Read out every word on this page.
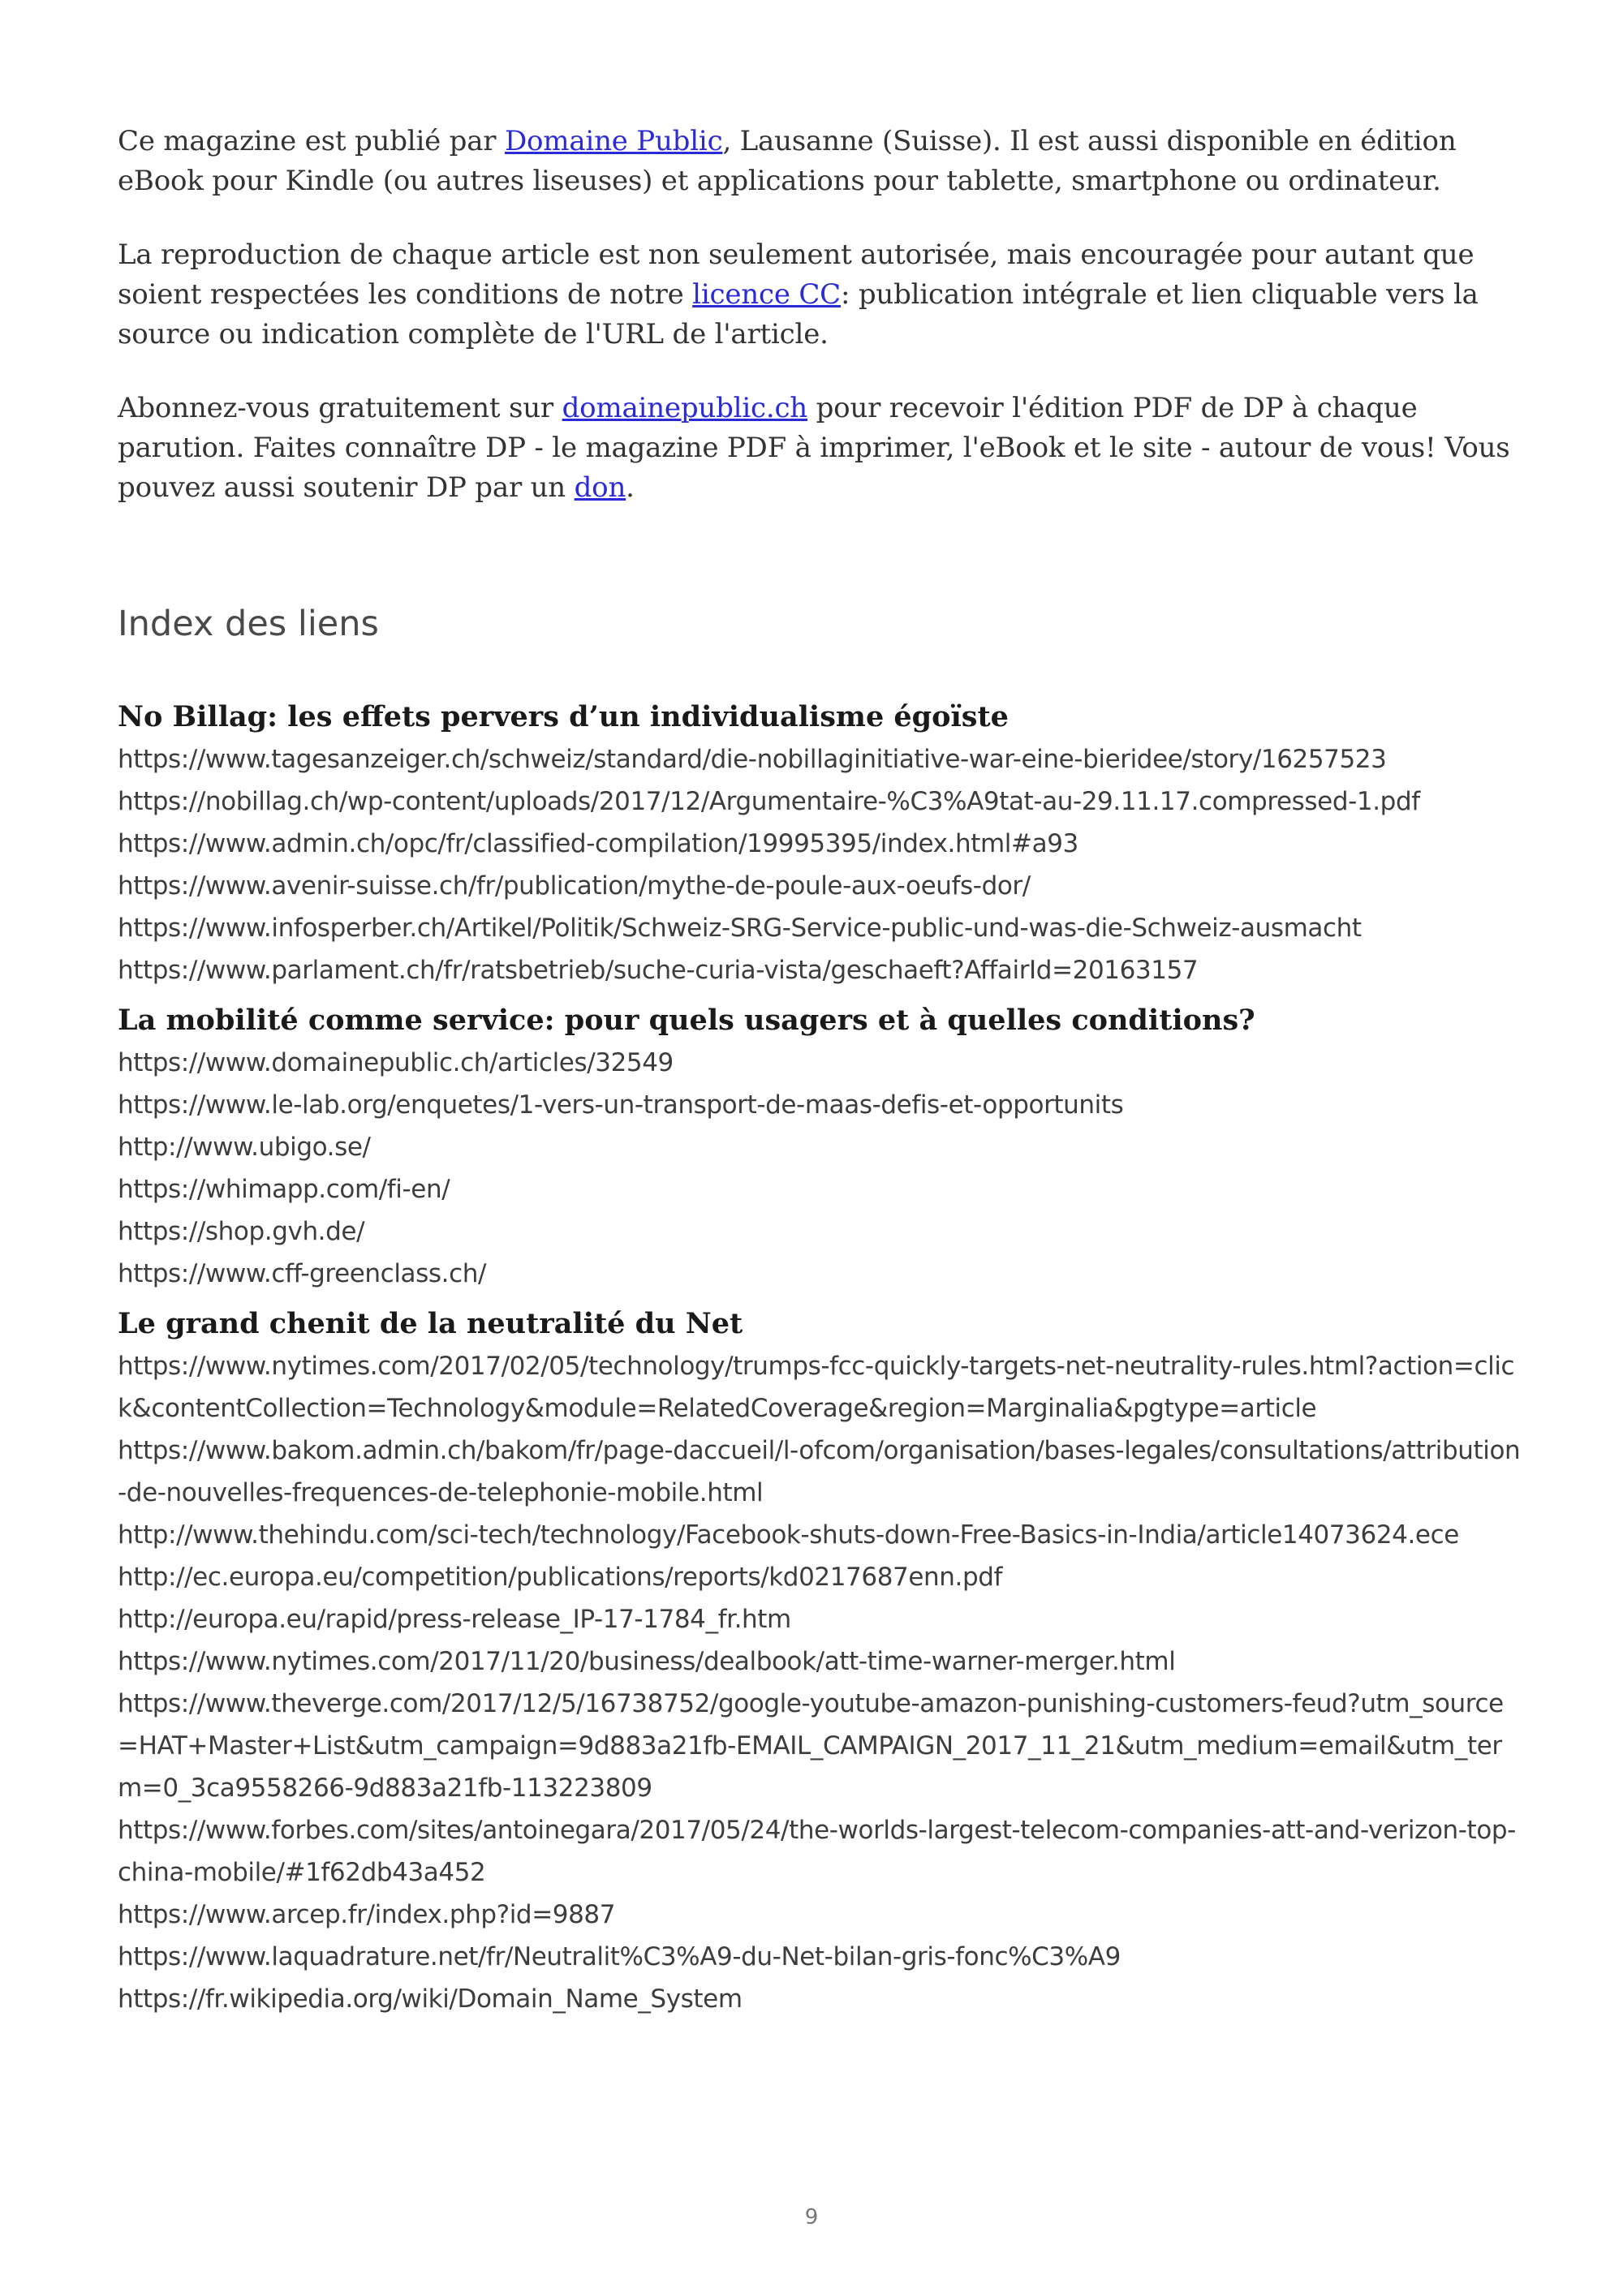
Ce magazine est publié par Domaine Public, Lausanne (Suisse). Il est aussi disponible en édition eBook pour Kindle (ou autres liseuses) et applications pour tablette, smartphone ou ordinateur.

La reproduction de chaque article est non seulement autorisée, mais encouragée pour autant que soient respectées les conditions de notre licence CC: publication intégrale et lien cliquable vers la source ou indication complète de l'URL de l'article.

Abonnez-vous gratuitement sur domainepublic.ch pour recevoir l'édition PDF de DP à chaque parution. Faites connaître DP - le magazine PDF à imprimer, l'eBook et le site - autour de vous! Vous pouvez aussi soutenir DP par un don.

Index des liens
No Billag: les effets pervers d’un individualisme égoïste
https://www.tagesanzeiger.ch/schweiz/standard/die-nobillaginitiative-war-eine-bieridee/story/16257523
https://nobillag.ch/wp-content/uploads/2017/12/Argumentaire-%C3%A9tat-au-29.11.17.compressed-1.pdf
https://www.admin.ch/opc/fr/classified-compilation/19995395/index.html#a93
https://www.avenir-suisse.ch/fr/publication/mythe-de-poule-aux-oeufs-dor/
https://www.infosperber.ch/Artikel/Politik/Schweiz-SRG-Service-public-und-was-die-Schweiz-ausmacht
https://www.parlament.ch/fr/ratsbetrieb/suche-curia-vista/geschaeft?AffairId=20163157
La mobilité comme service: pour quels usagers et à quelles conditions?
https://www.domainepublic.ch/articles/32549
https://www.le-lab.org/enquetes/1-vers-un-transport-de-maas-defis-et-opportunits
http://www.ubigo.se/
https://whimapp.com/fi-en/
https://shop.gvh.de/
https://www.cff-greenclass.ch/
Le grand chenit de la neutralité du Net
https://www.nytimes.com/2017/02/05/technology/trumps-fcc-quickly-targets-net-neutrality-rules.html?action=click&contentCollection=Technology&module=RelatedCoverage&region=Marginalia&pgtype=article
https://www.bakom.admin.ch/bakom/fr/page-daccueil/l-ofcom/organisation/bases-legales/consultations/attribution-de-nouvelles-frequences-de-telephonie-mobile.html
http://www.thehindu.com/sci-tech/technology/Facebook-shuts-down-Free-Basics-in-India/article14073624.ece
http://ec.europa.eu/competition/publications/reports/kd0217687enn.pdf
http://europa.eu/rapid/press-release_IP-17-1784_fr.htm
https://www.nytimes.com/2017/11/20/business/dealbook/att-time-warner-merger.html
https://www.theverge.com/2017/12/5/16738752/google-youtube-amazon-punishing-customers-feud?utm_source=HAT+Master+List&utm_campaign=9d883a21fb-EMAIL_CAMPAIGN_2017_11_21&utm_medium=email&utm_term=0_3ca9558266-9d883a21fb-113223809
https://www.forbes.com/sites/antoinegara/2017/05/24/the-worlds-largest-telecom-companies-att-and-verizon-top-china-mobile/#1f62db43a452
https://www.arcep.fr/index.php?id=9887
https://www.laquadrature.net/fr/Neutralit%C3%A9-du-Net-bilan-gris-fonc%C3%A9
https://fr.wikipedia.org/wiki/Domain_Name_System
9
